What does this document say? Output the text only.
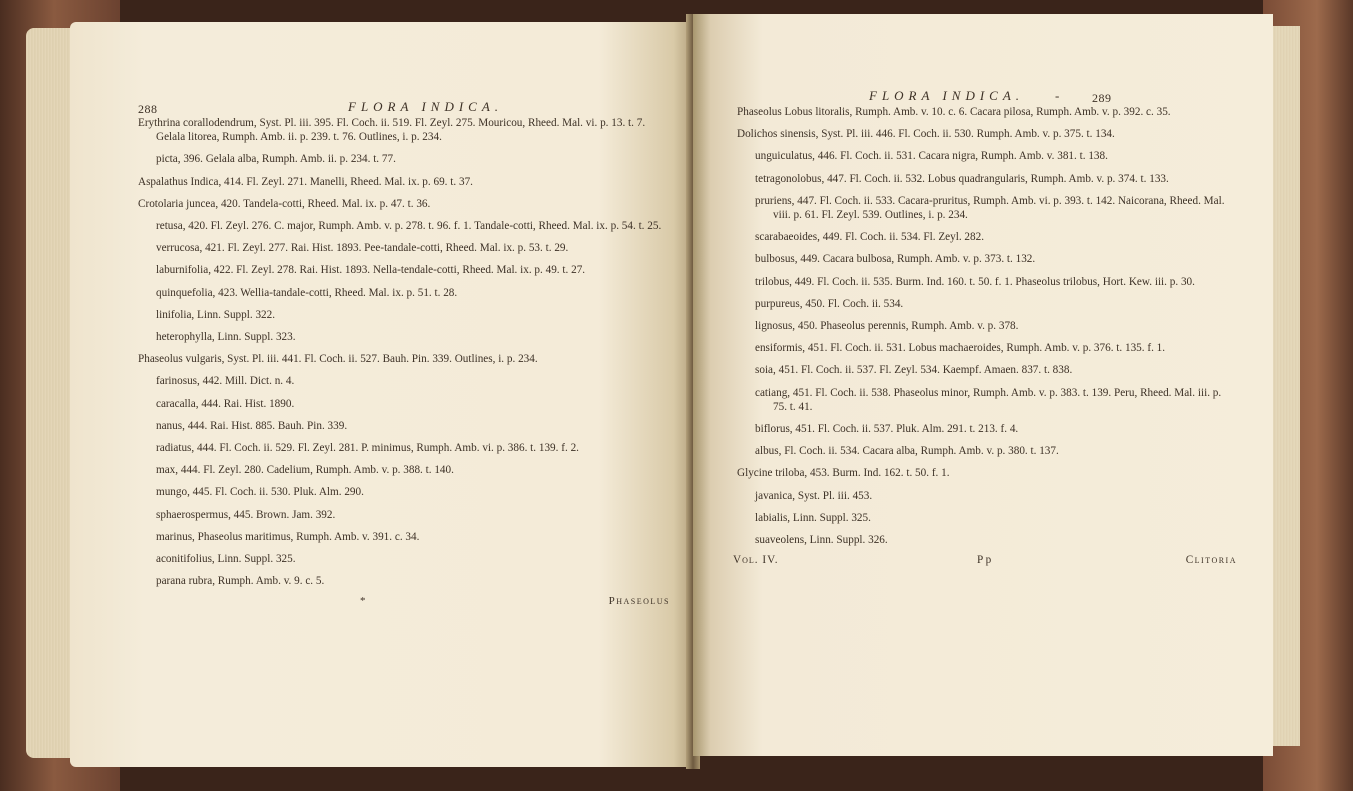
288	FLORA INDICA.

Erythrina corallodendrum, Syst. Pl. iii. 395. Fl. Coch. ii. 519. Fl. Zeyl. 275. Mouricou, Rheed. Mal. vi. p. 13. t. 7. Gelala litorea, Rumph. Amb. ii. p. 239. t. 76. Outlines, i. p. 234.

picta, 396. Gelala alba, Rumph. Amb. ii. p. 234. t. 77.

Aspalathus Indica, 414. Fl. Zeyl. 271. Manelli, Rheed. Mal. ix. p. 69. t. 37.

Crotolaria juncea, 420. Tandela-cotti, Rheed. Mal. ix. p. 47. t. 36.

retusa, 420. Fl. Zeyl. 276. C. major, Rumph. Amb. v. p. 278. t. 96. f. 1. Tandale-cotti, Rheed. Mal. ix. p. 54. t. 25.

verrucosa, 421. Fl. Zeyl. 277. Rai. Hist. 1893. Pee-tandale-cotti, Rheed. Mal. ix. p. 53. t. 29.

laburnifolia, 422. Fl. Zeyl. 278. Rai. Hist. 1893. Nella-tendale-cotti, Rheed. Mal. ix. p. 49. t. 27.

quinquefolia, 423. Wellia-tandale-cotti, Rheed. Mal. ix. p. 51. t. 28.

linifolia, Linn. Suppl. 322.

heterophylla, Linn. Suppl. 323.

Phaseolus vulgaris, Syst. Pl. iii. 441. Fl. Coch. ii. 527. Bauh. Pin. 339. Outlines, i. p. 234.

farinosus, 442. Mill. Dict. n. 4.

caracalla, 444. Rai. Hist. 1890.

nanus, 444. Rai. Hist. 885. Bauh. Pin. 339.

radiatus, 444. Fl. Coch. ii. 529. Fl. Zeyl. 281. P. minimus, Rumph. Amb. vi. p. 386. t. 139. f. 2.

max, 444. Fl. Zeyl. 280. Cadelium, Rumph. Amb. v. p. 388. t. 140.

mungo, 445. Fl. Coch. ii. 530. Pluk. Alm. 290.

sphaerospermus, 445. Brown. Jam. 392.

marinus, Phaseolus maritimus, Rumph. Amb. v. 391. c. 34.

aconitifolius, Linn. Suppl. 325.

parana rubra, Rumph. Amb. v. 9. c. 5.

*	Phaseolus
FLORA INDICA. -	289

Phaseolus Lobus litoralis, Rumph. Amb. v. 10. c. 6. Cacara pilosa, Rumph. Amb. v. p. 392. c. 35.

Dolichos sinensis, Syst. Pl. iii. 446. Fl. Coch. ii. 530. Rumph. Amb. v. p. 375. t. 134.

unguiculatus, 446. Fl. Coch. ii. 531. Cacara nigra, Rumph. Amb. v. 381. t. 138.

tetragonolobus, 447. Fl. Coch. ii. 532. Lobus quadrangularis, Rumph. Amb. v. p. 374. t. 133.

pruriens, 447. Fl. Coch. ii. 533. Cacara-pruritus, Rumph. Amb. vi. p. 393. t. 142. Naicorana, Rheed. Mal. viii. p. 61. Fl. Zeyl. 539. Outlines, i. p. 234.

scarabaeoides, 449. Fl. Coch. ii. 534. Fl. Zeyl. 282.

bulbosus, 449. Cacara bulbosa, Rumph. Amb. v. p. 373. t. 132.

trilobus, 449. Fl. Coch. ii. 535. Burm. Ind. 160. t. 50. f. 1. Phaseolus trilobus, Hort. Kew. iii. p. 30.

purpureus, 450. Fl. Coch. ii. 534.

lignosus, 450. Phaseolus perennis, Rumph. Amb. v. p. 378.

ensiformis, 451. Fl. Coch. ii. 531. Lobus machaeroides, Rumph. Amb. v. p. 376. t. 135. f. 1.

soia, 451. Fl. Coch. ii. 537. Fl. Zeyl. 534. Kaempf. Amaen. 837. t. 838.

catiang, 451. Fl. Coch. ii. 538. Phaseolus minor, Rumph. Amb. v. p. 383. t. 139. Peru, Rheed. Mal. iii. p. 75. t. 41.

biflorus, 451. Fl. Coch. ii. 537. Pluk. Alm. 291. t. 213. f. 4.

albus, Fl. Coch. ii. 534. Cacara alba, Rumph. Amb. v. p. 380. t. 137.

Glycine triloba, 453. Burm. Ind. 162. t. 50. f. 1.

javanica, Syst. Pl. iii. 453.

labialis, Linn. Suppl. 325.

suaveolens, Linn. Suppl. 326.

Vol. IV.	P p	Clitoria
